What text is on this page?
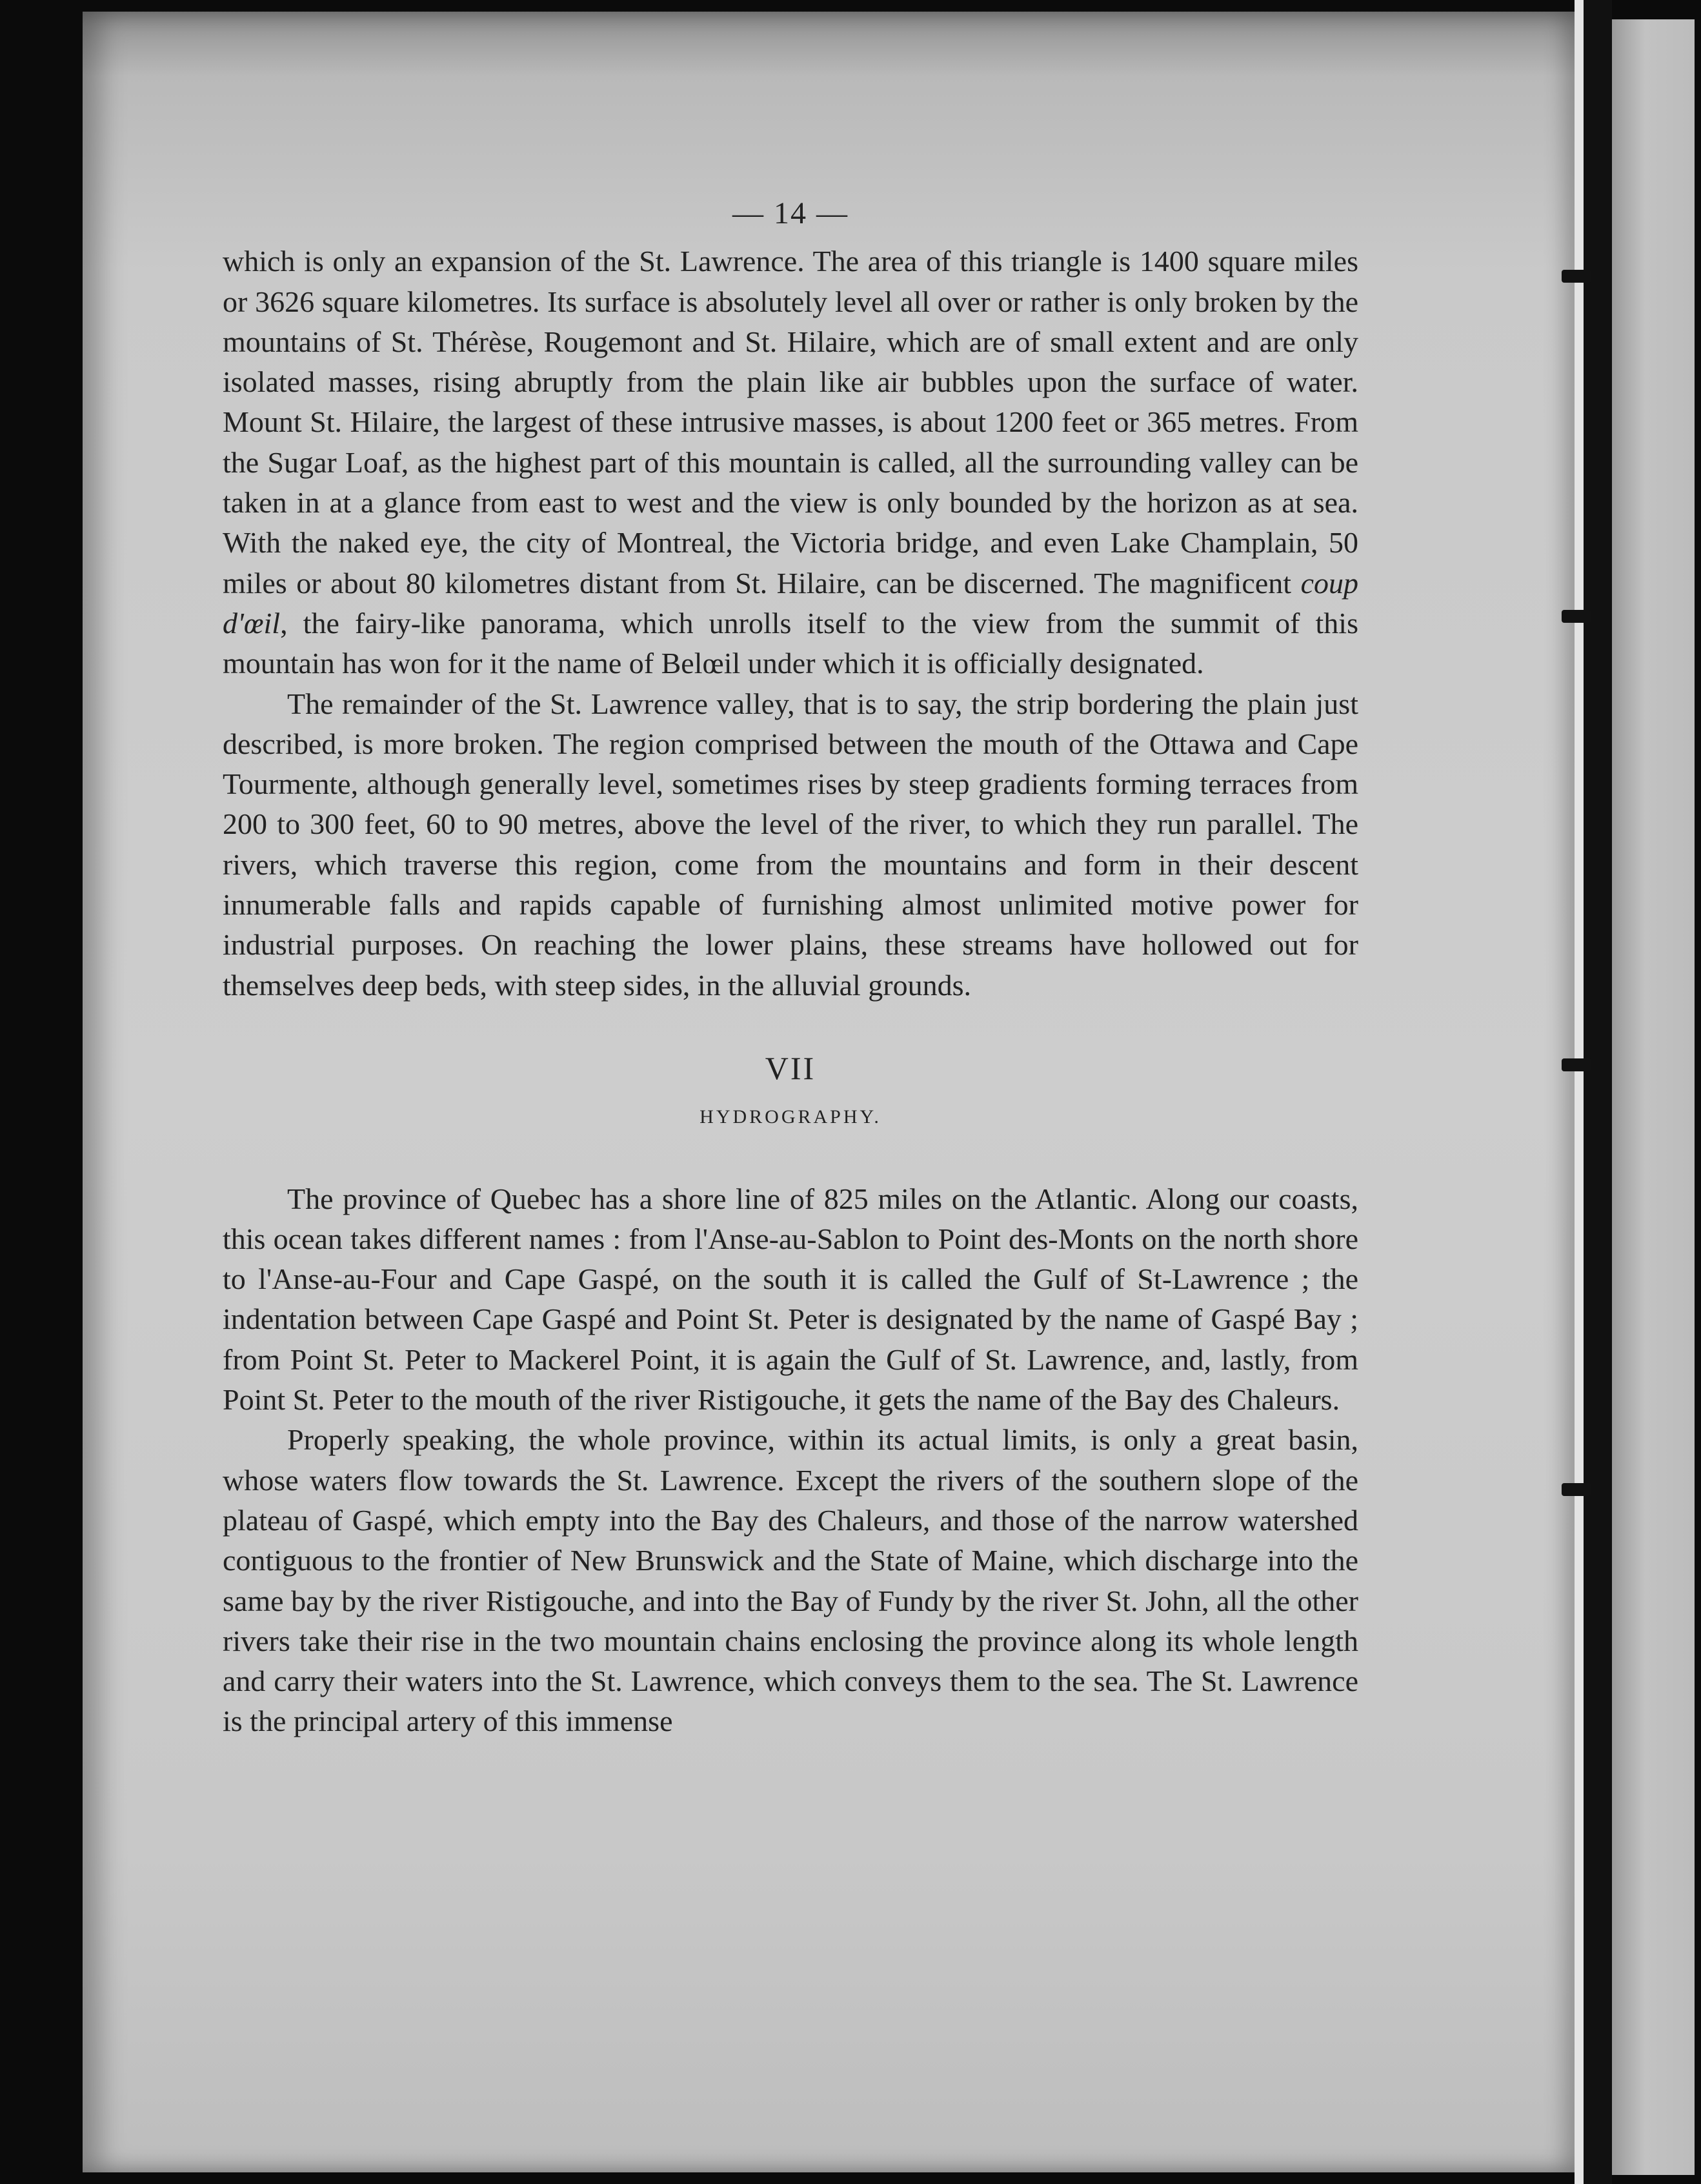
— 14 —

which is only an expansion of the St. Lawrence. The area of this triangle is 1400 square miles or 3626 square kilometres. Its surface is absolutely level all over or rather is only broken by the mountains of St. Thérèse, Rougemont and St. Hilaire, which are of small extent and are only isolated masses, rising abruptly from the plain like air bubbles upon the surface of water. Mount St. Hilaire, the largest of these intrusive masses, is about 1200 feet or 365 metres. From the Sugar Loaf, as the highest part of this mountain is called, all the surrounding valley can be taken in at a glance from east to west and the view is only bounded by the horizon as at sea. With the naked eye, the city of Montreal, the Victoria bridge, and even Lake Champlain, 50 miles or about 80 kilometres distant from St. Hilaire, can be discerned. The magnificent coup d'œil, the fairy-like panorama, which unrolls itself to the view from the summit of this mountain has won for it the name of Belœil under which it is officially designated.

The remainder of the St. Lawrence valley, that is to say, the strip bordering the plain just described, is more broken. The region comprised between the mouth of the Ottawa and Cape Tourmente, although generally level, sometimes rises by steep gradients forming terraces from 200 to 300 feet, 60 to 90 metres, above the level of the river, to which they run parallel. The rivers, which traverse this region, come from the mountains and form in their descent innumerable falls and rapids capable of furnishing almost unlimited motive power for industrial purposes. On reaching the lower plains, these streams have hollowed out for themselves deep beds, with steep sides, in the alluvial grounds.

VII

HYDROGRAPHY.

The province of Quebec has a shore line of 825 miles on the Atlantic. Along our coasts, this ocean takes different names : from l'Anse-au-Sablon to Point des-Monts on the north shore to l'Anse-au-Four and Cape Gaspé, on the south it is called the Gulf of St-Lawrence ; the indentation between Cape Gaspé and Point St. Peter is designated by the name of Gaspé Bay ; from Point St. Peter to Mackerel Point, it is again the Gulf of St. Lawrence, and, lastly, from Point St. Peter to the mouth of the river Ristigouche, it gets the name of the Bay des Chaleurs.

Properly speaking, the whole province, within its actual limits, is only a great basin, whose waters flow towards the St. Lawrence. Except the rivers of the southern slope of the plateau of Gaspé, which empty into the Bay des Chaleurs, and those of the narrow watershed contiguous to the frontier of New Brunswick and the State of Maine, which discharge into the same bay by the river Ristigouche, and into the Bay of Fundy by the river St. John, all the other rivers take their rise in the two mountain chains enclosing the province along its whole length and carry their waters into the St. Lawrence, which conveys them to the sea. The St. Lawrence is the principal artery of this immense
